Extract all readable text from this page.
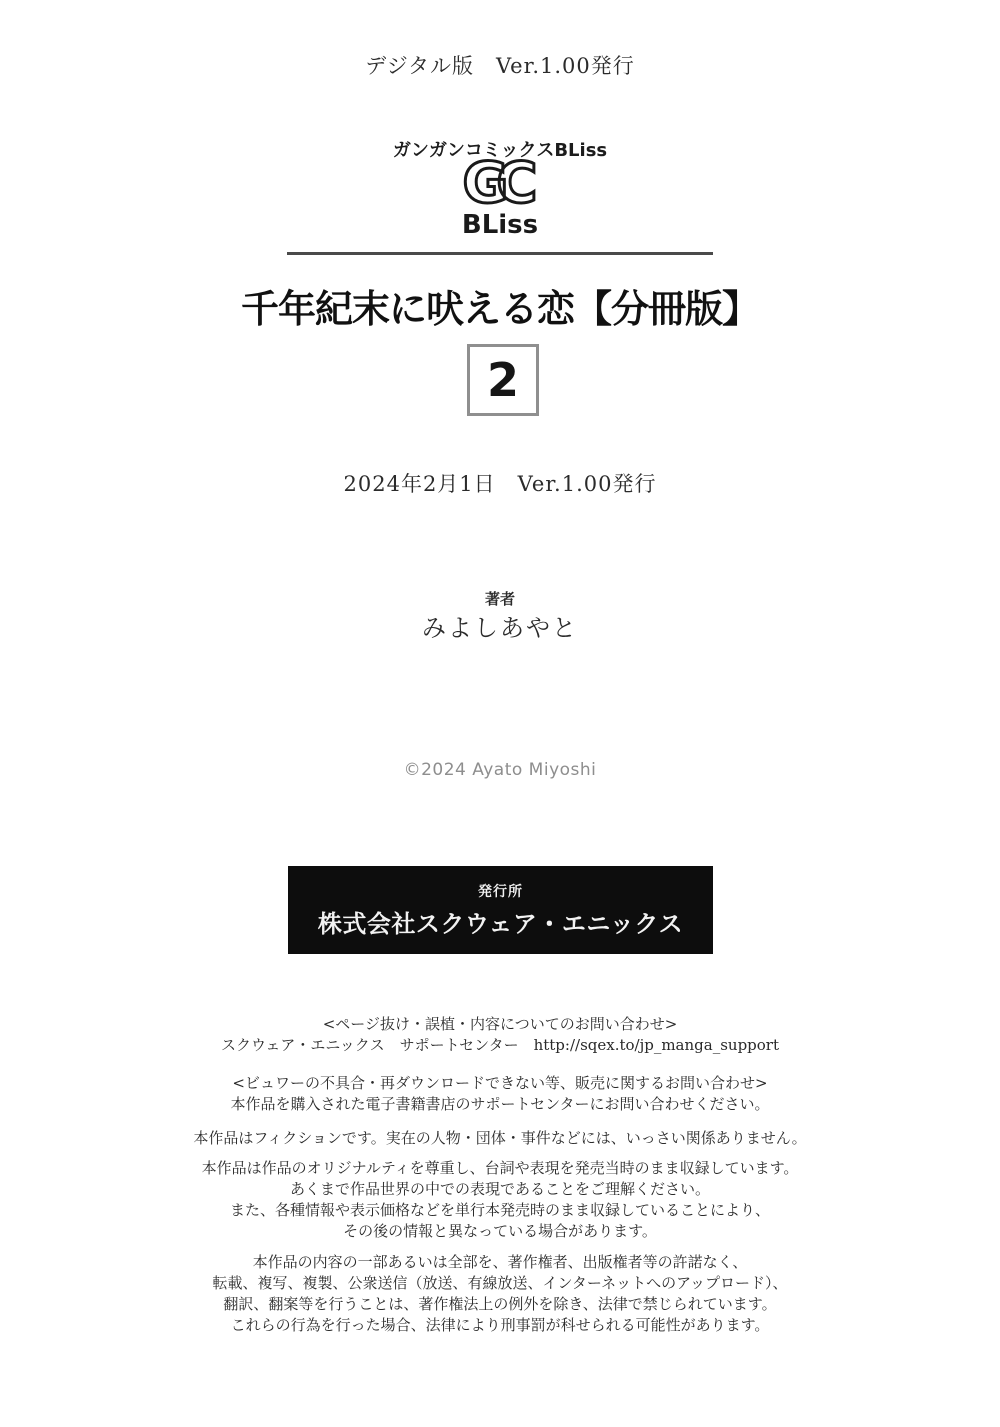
デジタル版　Ver.1.00発行
ガンガンコミックスBLiss
GC
BLiss
千年紀末に吠える恋【分冊版】
2
2024年2月1日　Ver.1.00発行
著者
みよしあやと
©2024 Ayato Miyoshi
発行所
株式会社スクウェア・エニックス
<ページ抜け・誤植・内容についてのお問い合わせ>
スクウェア・エニックス　サポートセンター　http://sqex.to/jp_manga_support
<ビュワーの不具合・再ダウンロードできない等、販売に関するお問い合わせ>
本作品を購入された電子書籍書店のサポートセンターにお問い合わせください。
本作品はフィクションです。実在の人物・団体・事件などには、いっさい関係ありません。
本作品は作品のオリジナルティを尊重し、台詞や表現を発売当時のまま収録しています。
あくまで作品世界の中での表現であることをご理解ください。
また、各種情報や表示価格などを単行本発売時のまま収録していることにより、
その後の情報と異なっている場合があります。
本作品の内容の一部あるいは全部を、著作権者、出版権者等の許諾なく、
転載、複写、複製、公衆送信（放送、有線放送、インターネットへのアップロード）、
翻訳、翻案等を行うことは、著作権法上の例外を除き、法律で禁じられています。
これらの行為を行った場合、法律により刑事罰が科せられる可能性があります。
